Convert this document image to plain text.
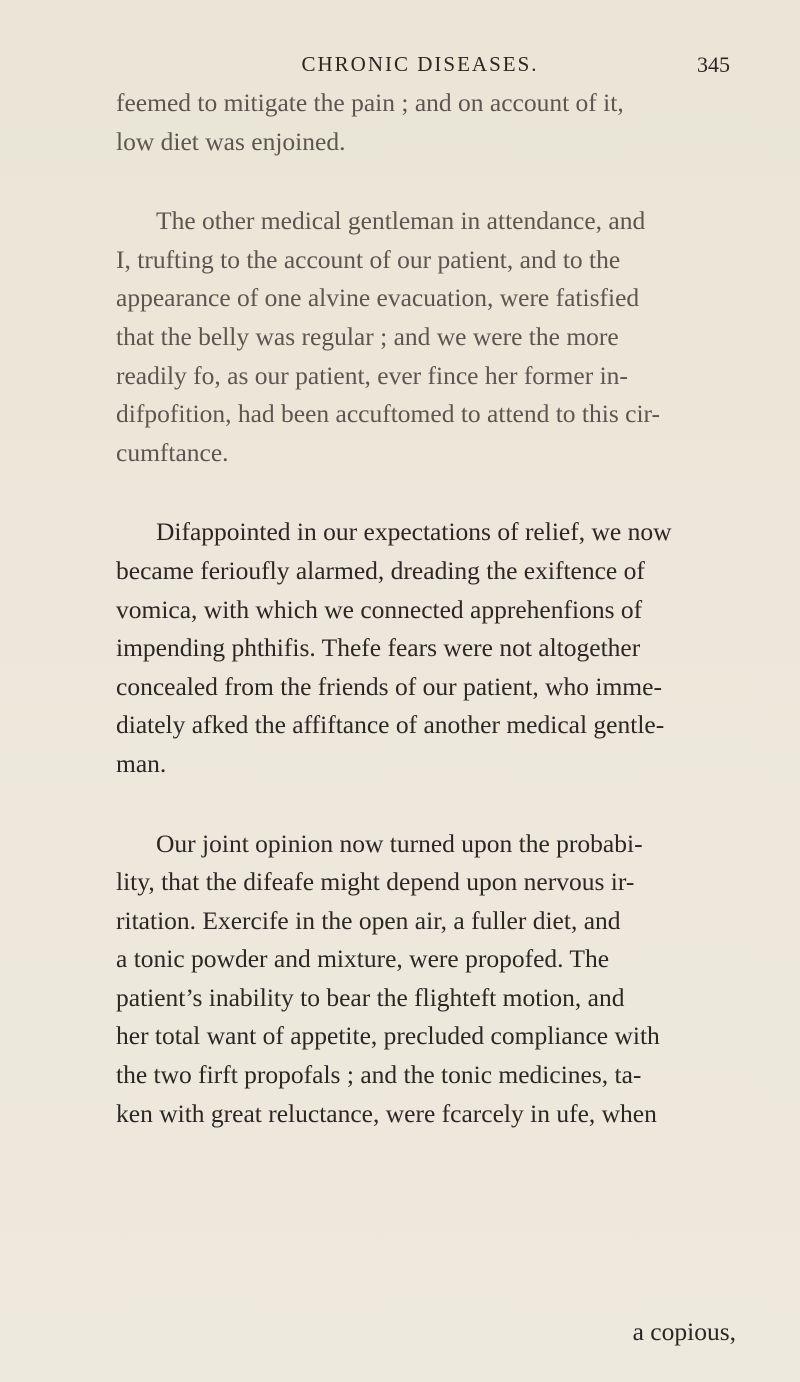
CHRONIC DISEASES.	345
feemed to mitigate the pain ; and on account of it,
low diet was enjoined.
The other medical gentleman in attendance, and
I, trufting to the account of our patient, and to the
appearance of one alvine evacuation, were fatisfied
that the belly was regular ; and we were the more
readily fo, as our patient, ever fince her former in-
difpofition, had been accuftomed to attend to this cir-
cumftance.
Difappointed in our expectations of relief, we now
became ferioufly alarmed, dreading the exiftence of
vomica, with which we connected apprehenfions of
impending phthifis. Thefe fears were not altogether
concealed from the friends of our patient, who imme-
diately afked the affiftance of another medical gentle-
man.
Our joint opinion now turned upon the probabi-
lity, that the difeafe might depend upon nervous ir-
ritation. Exercife in the open air, a fuller diet, and
a tonic powder and mixture, were propofed. The
patient’s inability to bear the flighteft motion, and
her total want of appetite, precluded compliance with
the two firft propofals ; and the tonic medicines, ta-
ken with great reluctance, were fcarcely in ufe, when
a copious,
